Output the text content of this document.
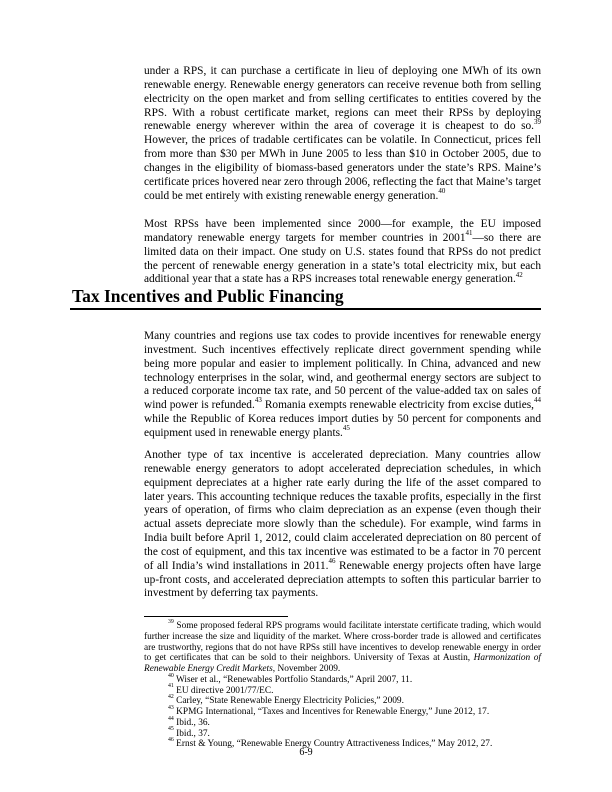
under a RPS, it can purchase a certificate in lieu of deploying one MWh of its own renewable energy. Renewable energy generators can receive revenue both from selling electricity on the open market and from selling certificates to entities covered by the RPS. With a robust certificate market, regions can meet their RPSs by deploying renewable energy wherever within the area of coverage it is cheapest to do so.$^{39}$ However, the prices of tradable certificates can be volatile. In Connecticut, prices fell from more than $30 per MWh in June 2005 to less than $10 in October 2005, due to changes in the eligibility of biomass-based generators under the state’s RPS. Maine’s certificate prices hovered near zero through 2006, reflecting the fact that Maine’s target could be met entirely with existing renewable energy generation.$^{40}$

Most RPSs have been implemented since 2000—for example, the EU imposed mandatory renewable energy targets for member countries in 2001$^{41}$—so there are limited data on their impact. One study on U.S. states found that RPSs do not predict the percent of renewable energy generation in a state’s total electricity mix, but each additional year that a state has a RPS increases total renewable energy generation.$^{42}$

Tax Incentives and Public Financing

Many countries and regions use tax codes to provide incentives for renewable energy investment. Such incentives effectively replicate direct government spending while being more popular and easier to implement politically. In China, advanced and new technology enterprises in the solar, wind, and geothermal energy sectors are subject to a reduced corporate income tax rate, and 50 percent of the value-added tax on sales of wind power is refunded.$^{43}$ Romania exempts renewable electricity from excise duties,$^{44}$ while the Republic of Korea reduces import duties by 50 percent for components and equipment used in renewable energy plants.$^{45}$

Another type of tax incentive is accelerated depreciation. Many countries allow renewable energy generators to adopt accelerated depreciation schedules, in which equipment depreciates at a higher rate early during the life of the asset compared to later years. This accounting technique reduces the taxable profits, especially in the first years of operation, of firms who claim depreciation as an expense (even though their actual assets depreciate more slowly than the schedule). For example, wind farms in India built before April 1, 2012, could claim accelerated depreciation on 80 percent of the cost of equipment, and this tax incentive was estimated to be a factor in 70 percent of all India’s wind installations in 2011.46 Renewable energy projects often have large up-front costs, and accelerated depreciation attempts to soften this particular barrier to investment by deferring tax payments.

$^{39}$ Some proposed federal RPS programs would facilitate interstate certificate trading, which would further increase the size and liquidity of the market. Where cross-border trade is allowed and certificates are trustworthy, regions that do not have RPSs still have incentives to develop renewable energy in order to get certificates that can be sold to their neighbors. University of Texas at Austin, Harmonization of Renewable Energy Credit Markets, November 2009.

$^{40}$ Wiser et al., “Renewables Portfolio Standards,” April 2007, 11.

$^{41}$ EU directive 2001/77/EC.

$^{42}$ Carley, “State Renewable Energy Electricity Policies,” 2009.

$^{43}$ KPMG International, “Taxes and Incentives for Renewable Energy,” June 2012, 17.

$^{44}$ Ibid., 36.

$^{45}$ Ibid., 37.

$^{46}$ Ernst & Young, “Renewable Energy Country Attractiveness Indices,” May 2012, 27.

6-9
